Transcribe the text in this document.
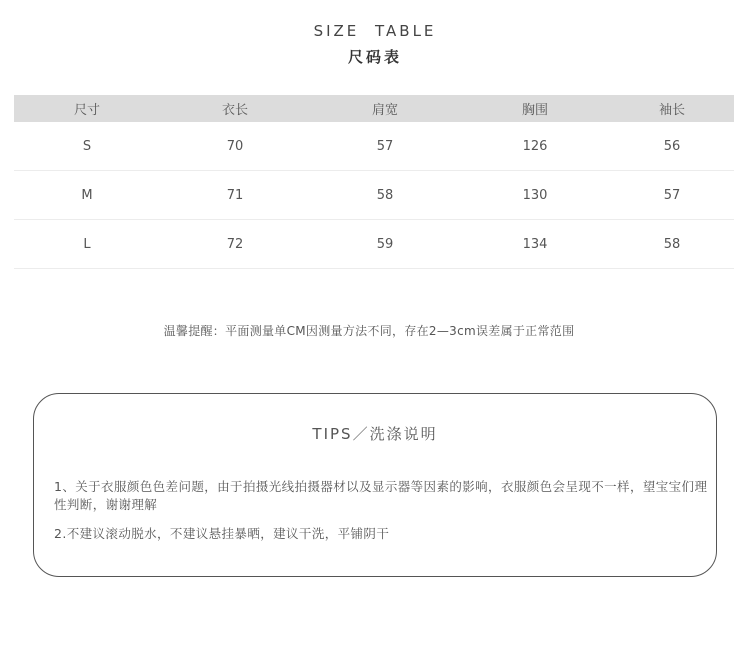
SIZE TABLE
尺码表
尺寸	衣长	肩宽	胸围	袖长
S	70	57	126	56
M	71	58	130	57
L	72	59	134	58
温馨提醒：平面测量单CM因测量方法不同，存在2—3cm误差属于正常范围
TIPS／洗涤说明
1、关于衣服颜色色差问题，由于拍摄光线拍摄器材以及显示器等因素的影响，衣服颜色会呈现不一样，望宝宝们理性判断，谢谢理解
2.不建议滚动脱水，不建议悬挂暴晒，建议干洗，平铺阴干
